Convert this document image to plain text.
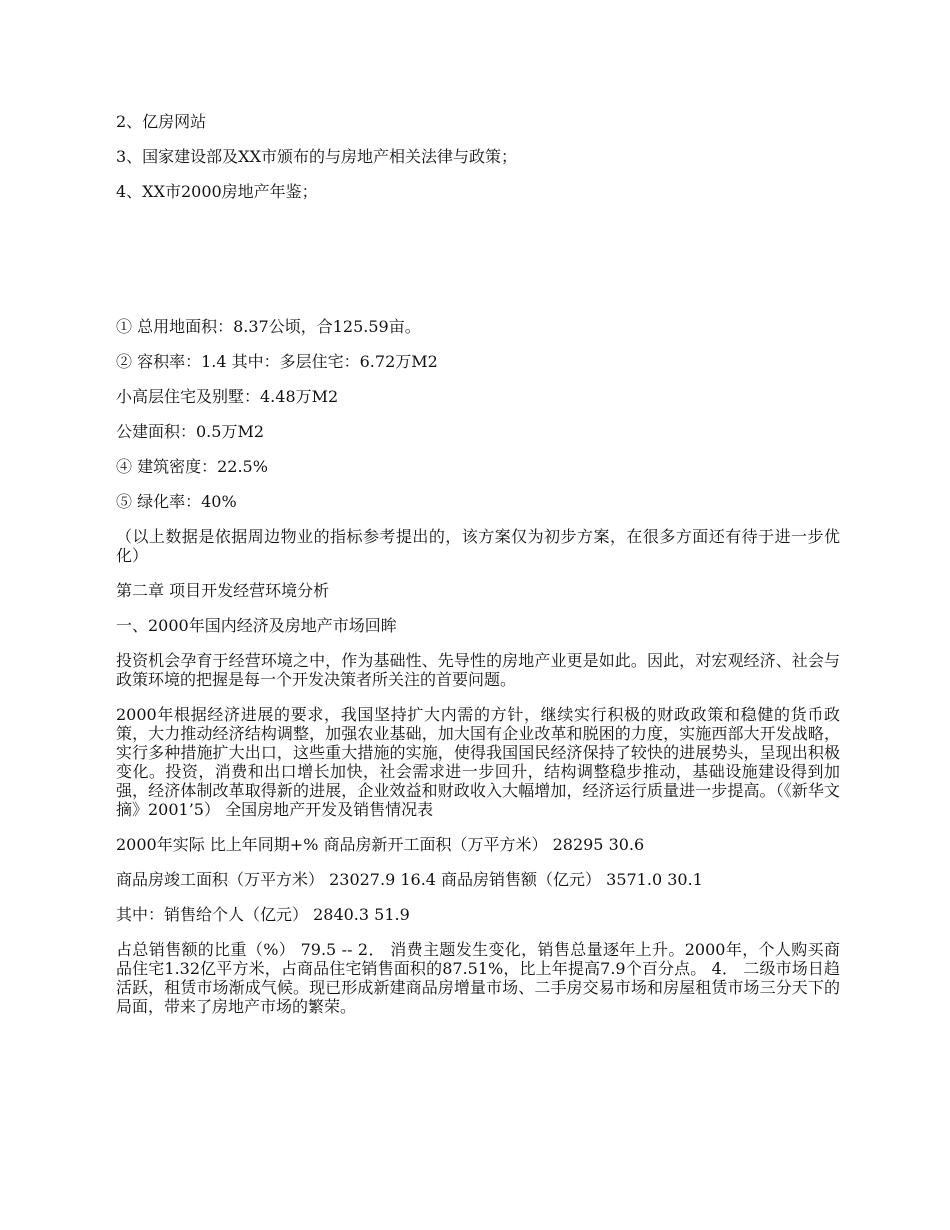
2、亿房网站

3、国家建设部及XX市颁布的与房地产相关法律与政策；

4、XX市2000房地产年鉴；

① 总用地面积：8.37公顷，合125.59亩。

② 容积率：1.4 其中：多层住宅：6.72万M2

小高层住宅及别墅：4.48万M2

公建面积：0.5万M2

④ 建筑密度：22.5%

⑤ 绿化率：40%

（以上数据是依据周边物业的指标参考提出的，该方案仅为初步方案，在很多方面还有待于进一步优化）

第二章 项目开发经营环境分析

一、2000年国内经济及房地产市场回眸

投资机会孕育于经营环境之中，作为基础性、先导性的房地产业更是如此。因此，对宏观经济、社会与政策环境的把握是每一个开发决策者所关注的首要问题。

2000年根据经济进展的要求，我国坚持扩大内需的方针，继续实行积极的财政政策和稳健的货币政策，大力推动经济结构调整，加强农业基础，加大国有企业改革和脱困的力度，实施西部大开发战略，实行多种措施扩大出口，这些重大措施的实施，使得我国国民经济保持了较快的进展势头，呈现出积极变化。投资，消费和出口增长加快，社会需求进一步回升，结构调整稳步推动，基础设施建设得到加强，经济体制改革取得新的进展，企业效益和财政收入大幅增加，经济运行质量进一步提高。（《新华文摘》2001’5） 全国房地产开发及销售情况表

2000年实际 比上年同期+% 商品房新开工面积（万平方米） 28295 30.6

商品房竣工面积（万平方米） 23027.9 16.4 商品房销售额（亿元） 3571.0 30.1

其中：销售给个人（亿元） 2840.3 51.9

占总销售额的比重（%） 79.5 -- 2． 消费主题发生变化，销售总量逐年上升。2000年，个人购买商品住宅1.32亿平方米，占商品住宅销售面积的87.51%，比上年提高7.9个百分点。 4． 二级市场日趋活跃，租赁市场渐成气候。现已形成新建商品房增量市场、二手房交易市场和房屋租赁市场三分天下的局面，带来了房地产市场的繁荣。
